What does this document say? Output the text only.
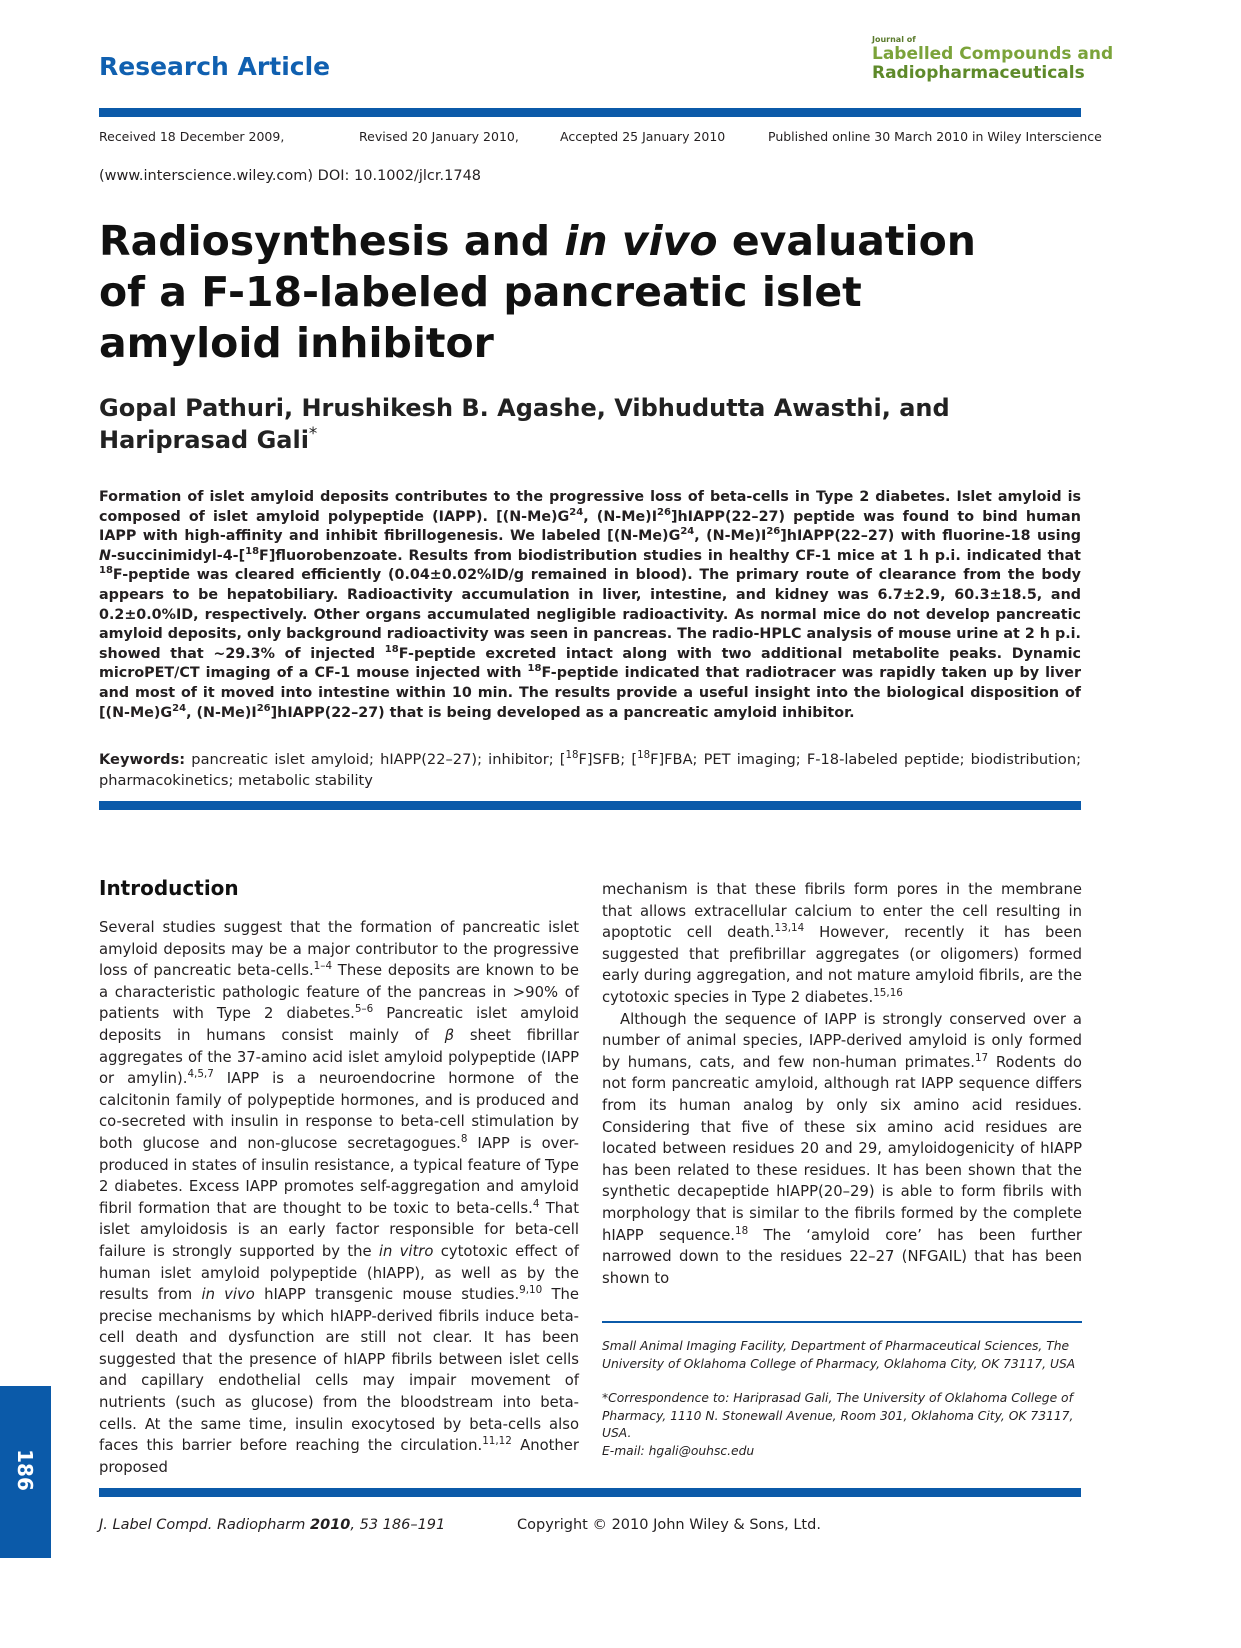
Research Article
Journal of
Labelled Compounds and
Radiopharmaceuticals
Received 18 December 2009,	Revised 20 January 2010,	Accepted 25 January 2010	Published online 30 March 2010 in Wiley Interscience
(www.interscience.wiley.com) DOI: 10.1002/jlcr.1748
Radiosynthesis and in vivo evaluation of a F-18-labeled pancreatic islet amyloid inhibitor
Gopal Pathuri, Hrushikesh B. Agashe, Vibhudutta Awasthi, and Hariprasad Gali*
Formation of islet amyloid deposits contributes to the progressive loss of beta-cells in Type 2 diabetes. Islet amyloid is composed of islet amyloid polypeptide (IAPP). [$(N-Me)G^{24}$, $(N-Me)I^{26}]hIAPP(22-27)$ peptide was found to bind human IAPP with high-affinity and inhibit fibrillogenesis. We labeled [$(N-Me)G^{24}$, $(N-Me)I^{26}]hIAPP(22-27)$ with fluorine-18 using N-succinimidyl-4-[$^{18}$F]fluorobenzoate. Results from biodistribution studies in healthy CF-1 mice at 1 h p.i. indicated that $^{18}$F-peptide was cleared efficiently (0.04±0.02%ID/g remained in blood). The primary route of clearance from the body appears to be hepatobiliary. Radioactivity accumulation in liver, intestine, and kidney was 6.7±2.9, 60.3±18.5, and 0.2±0.0%ID, respectively. Other organs accumulated negligible radioactivity. As normal mice do not develop pancreatic amyloid deposits, only background radioactivity was seen in pancreas. The radio-HPLC analysis of mouse urine at 2 h p.i. showed that ~29.3% of injected $^{18}$F-peptide excreted intact along with two additional metabolite peaks. Dynamic microPET/CT imaging of a CF-1 mouse injected with $^{18}$F-peptide indicated that radiotracer was rapidly taken up by liver and most of it moved into intestine within 10 min. The results provide a useful insight into the biological disposition of [$(N-Me)G^{24}$, $(N-Me)I^{26}]hIAPP(22-27)$ that is being developed as a pancreatic amyloid inhibitor.
Keywords: pancreatic islet amyloid; hIAPP(22–27); inhibitor; [$^{18}$F]SFB; [$^{18}$F]FBA; PET imaging; F-18-labeled peptide; biodistribution; pharmacokinetics; metabolic stability
Introduction

Several studies suggest that the formation of pancreatic islet amyloid deposits may be a major contributor to the progressive loss of pancreatic beta-cells.$^{1-4}$ These deposits are known to be a characteristic pathologic feature of the pancreas in >90% of patients with Type 2 diabetes.$^{5-6}$ Pancreatic islet amyloid deposits in humans consist mainly of β sheet fibrillar aggregates of the 37-amino acid islet amyloid polypeptide (IAPP or amylin).$^{4,5,7}$ IAPP is a neuroendocrine hormone of the calcitonin family of polypeptide hormones, and is produced and co-secreted with insulin in response to beta-cell stimulation by both glucose and non-glucose secretagogues.$^8$ IAPP is over-produced in states of insulin resistance, a typical feature of Type 2 diabetes. Excess IAPP promotes self-aggregation and amyloid fibril formation that are thought to be toxic to beta-cells.$^4$ That islet amyloidosis is an early factor responsible for beta-cell failure is strongly supported by the in vitro cytotoxic effect of human islet amyloid polypeptide (hIAPP), as well as by the results from in vivo hIAPP transgenic mouse studies.$^{9,10}$ The precise mechanisms by which hIAPP-derived fibrils induce beta-cell death and dysfunction are still not clear. It has been suggested that the presence of hIAPP fibrils between islet cells and capillary endothelial cells may impair movement of nutrients (such as glucose) from the bloodstream into beta-cells. At the same time, insulin exocytosed by beta-cells also faces this barrier before reaching the circulation.$^{11,12}$ Another proposed

mechanism is that these fibrils form pores in the membrane that allows extracellular calcium to enter the cell resulting in apoptotic cell death.$^{13,14}$ However, recently it has been suggested that prefibrillar aggregates (or oligomers) formed early during aggregation, and not mature amyloid fibrils, are the cytotoxic species in Type 2 diabetes.$^{15,16}$

Although the sequence of IAPP is strongly conserved over a number of animal species, IAPP-derived amyloid is only formed by humans, cats, and few non-human primates.$^{17}$ Rodents do not form pancreatic amyloid, although rat IAPP sequence differs from its human analog by only six amino acid residues. Considering that five of these six amino acid residues are located between residues 20 and 29, amyloidogenicity of hIAPP has been related to these residues. It has been shown that the synthetic decapeptide hIAPP(20–29) is able to form fibrils with morphology that is similar to the fibrils formed by the complete hIAPP sequence.$^{18}$ The ‘amyloid core’ has been further narrowed down to the residues 22–27 (NFGAIL) that has been shown to

Small Animal Imaging Facility, Department of Pharmaceutical Sciences, The University of Oklahoma College of Pharmacy, Oklahoma City, OK 73117, USA
*Correspondence to: Hariprasad Gali, The University of Oklahoma College of Pharmacy, 1110 N. Stonewall Avenue, Room 301, Oklahoma City, OK 73117, USA.
E-mail: hgali@ouhsc.edu
186
J. Label Compd. Radiopharm 2010, 53 186–191	Copyright © 2010 John Wiley & Sons, Ltd.
